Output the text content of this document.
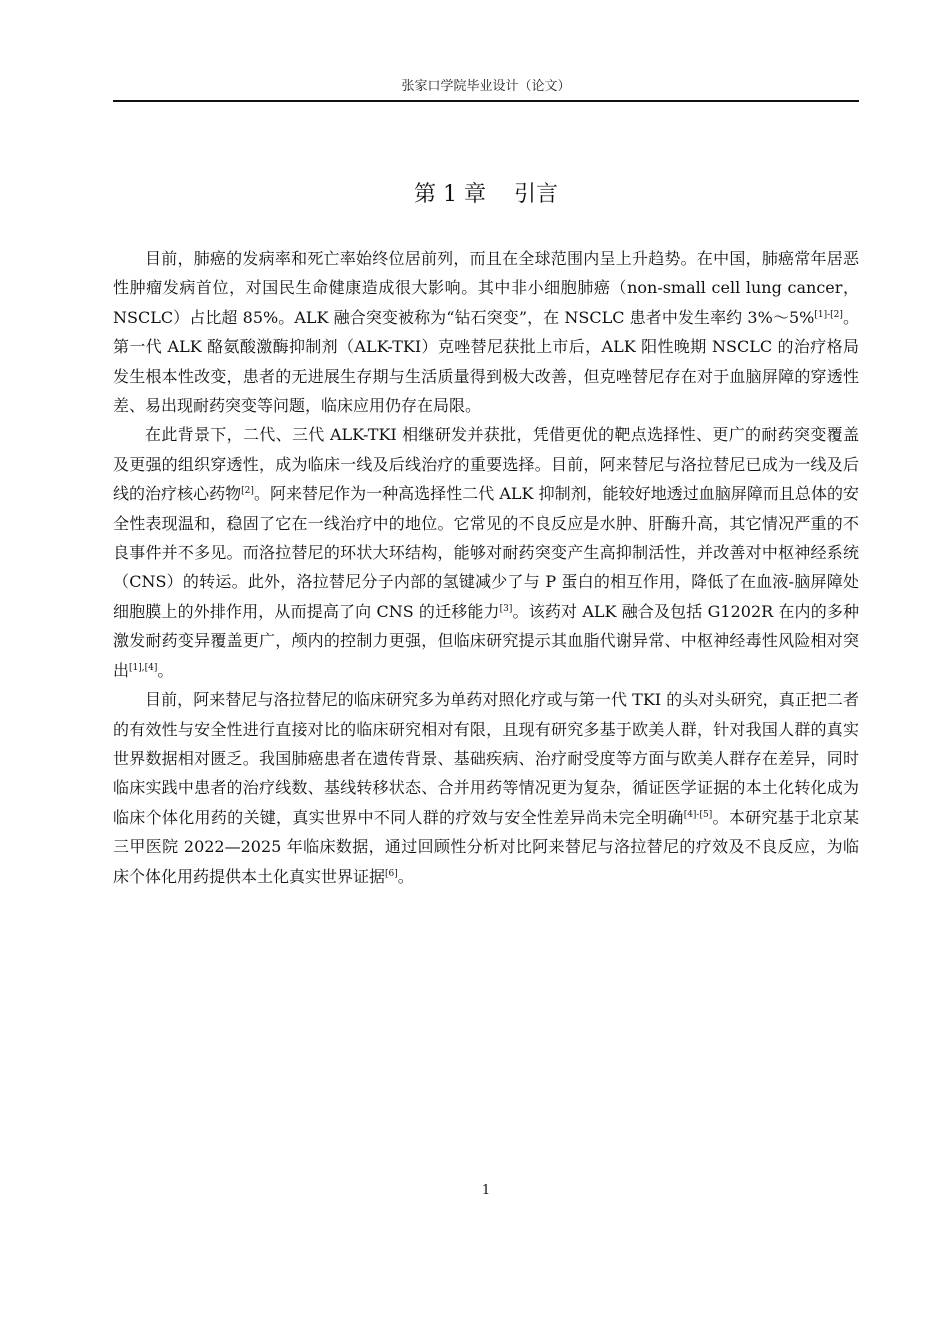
张家口学院毕业设计（论文）
第 1 章    引言

目前，肺癌的发病率和死亡率始终位居前列，而且在全球范围内呈上升趋势。在中国，肺癌常年居恶性肿瘤发病首位，对国民生命健康造成很大影响。其中非小细胞肺癌（non-small cell lung cancer，NSCLC）占比超 85%。ALK 融合突变被称为“钻石突变”，在 NSCLC 患者中发生率约 3%～5%[1]-[2]。第一代 ALK 酪氨酸激酶抑制剂（ALK-TKI）克唑替尼获批上市后，ALK 阳性晚期 NSCLC 的治疗格局发生根本性改变，患者的无进展生存期与生活质量得到极大改善，但克唑替尼存在对于血脑屏障的穿透性差、易出现耐药突变等问题，临床应用仍存在局限。

在此背景下，二代、三代 ALK-TKI 相继研发并获批，凭借更优的靶点选择性、更广的耐药突变覆盖及更强的组织穿透性，成为临床一线及后线治疗的重要选择。目前，阿来替尼与洛拉替尼已成为一线及后线的治疗核心药物[2]。阿来替尼作为一种高选择性二代 ALK 抑制剂，能较好地透过血脑屏障而且总体的安全性表现温和，稳固了它在一线治疗中的地位。它常见的不良反应是水肿、肝酶升高，其它情况严重的不良事件并不多见。而洛拉替尼的环状大环结构，能够对耐药突变产生高抑制活性，并改善对中枢神经系统（CNS）的转运。此外，洛拉替尼分子内部的氢键减少了与 P 蛋白的相互作用，降低了在血液-脑屏障处细胞膜上的外排作用，从而提高了向 CNS 的迁移能力[3]。该药对 ALK 融合及包括 G1202R 在内的多种激发耐药变异覆盖更广，颅内的控制力更强，但临床研究提示其血脂代谢异常、中枢神经毒性风险相对突出[1],[4]。

目前，阿来替尼与洛拉替尼的临床研究多为单药对照化疗或与第一代 TKI 的头对头研究，真正把二者的有效性与安全性进行直接对比的临床研究相对有限，且现有研究多基于欧美人群，针对我国人群的真实世界数据相对匮乏。我国肺癌患者在遗传背景、基础疾病、治疗耐受度等方面与欧美人群存在差异，同时临床实践中患者的治疗线数、基线转移状态、合并用药等情况更为复杂，循证医学证据的本土化转化成为临床个体化用药的关键，真实世界中不同人群的疗效与安全性差异尚未完全明确[4]-[5]。本研究基于北京某三甲医院 2022—2025 年临床数据，通过回顾性分析对比阿来替尼与洛拉替尼的疗效及不良反应，为临床个体化用药提供本土化真实世界证据[6]。

1
